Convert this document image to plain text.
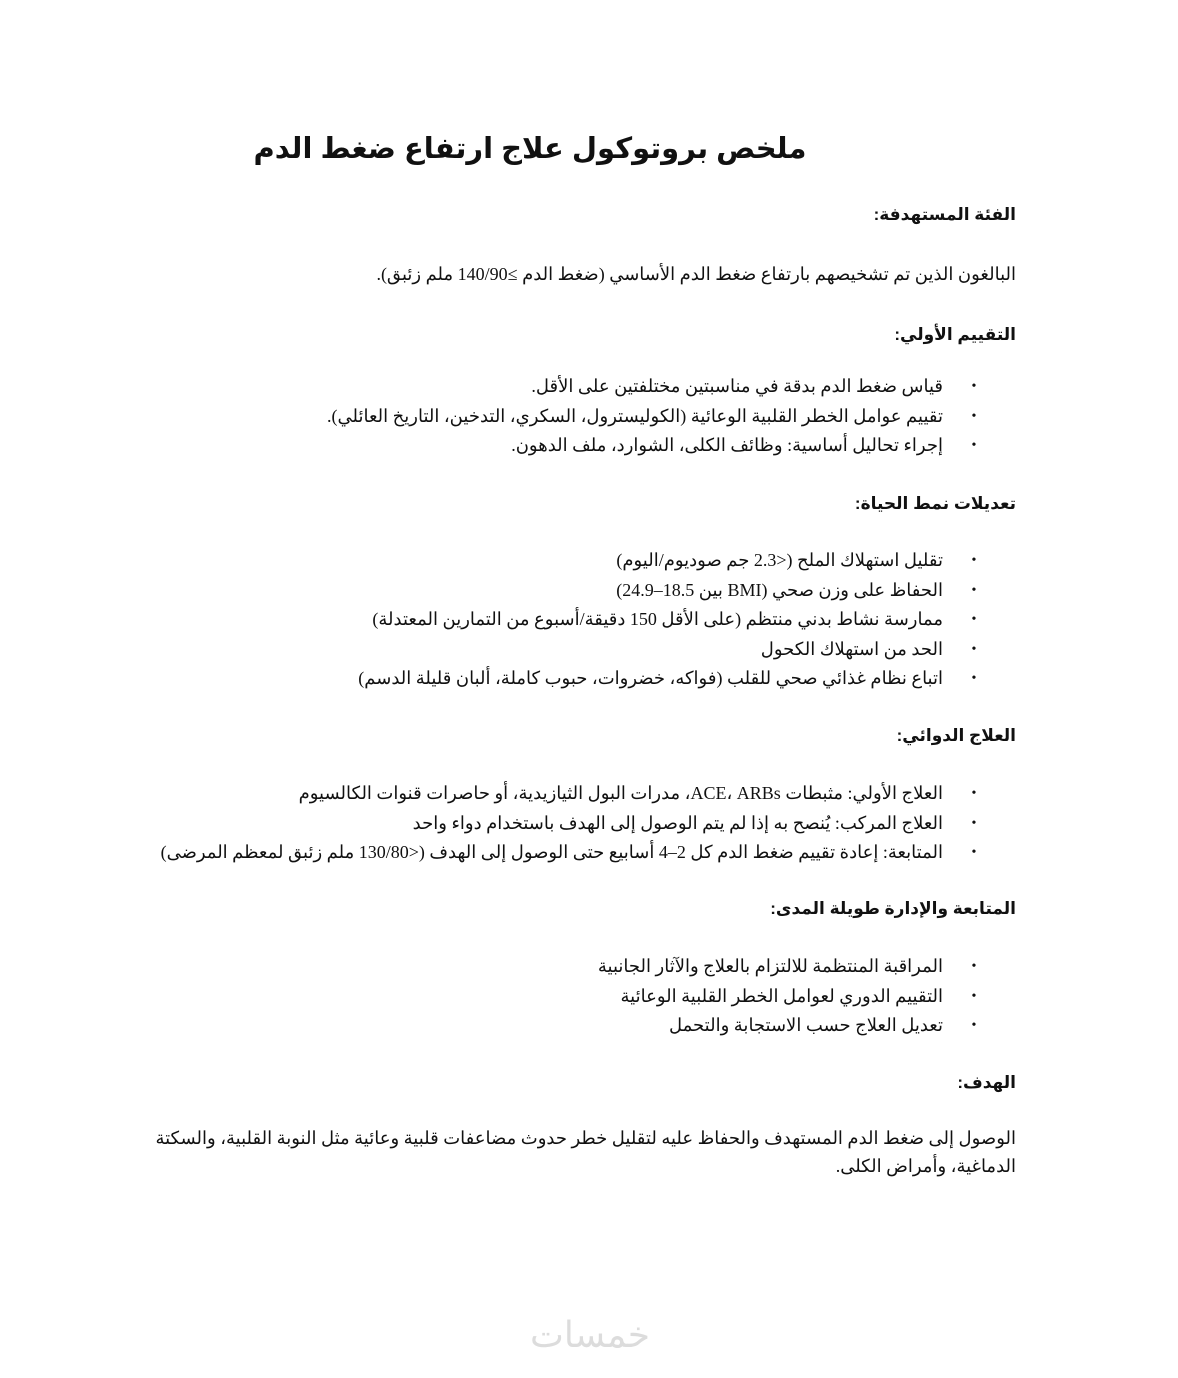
ملخص بروتوكول علاج ارتفاع ضغط الدم
الفئة المستهدفة:

البالغون الذين تم تشخيصهم بارتفاع ضغط الدم الأساسي (ضغط الدم ≥140/90 ملم زئبق).

التقييم الأولي:
•
قياس ضغط الدم بدقة في مناسبتين مختلفتين على الأقل.
•
تقييم عوامل الخطر القلبية الوعائية (الكوليسترول، السكري، التدخين، التاريخ العائلي).
•
إجراء تحاليل أساسية: وظائف الكلى، الشوارد، ملف الدهون.
تعديلات نمط الحياة:
•
تقليل استهلاك الملح (<2.3 جم صوديوم/اليوم)
•
الحفاظ على وزن صحي (BMI بين 18.5–24.9)
•
ممارسة نشاط بدني منتظم (على الأقل 150 دقيقة/أسبوع من التمارين المعتدلة)
•
الحد من استهلاك الكحول
•
اتباع نظام غذائي صحي للقلب (فواكه، خضروات، حبوب كاملة، ألبان قليلة الدسم)
العلاج الدوائي:
•
العلاج الأولي: مثبطات ACE، ARBs، مدرات البول الثيازيدية، أو حاصرات قنوات الكالسيوم
•
العلاج المركب: يُنصح به إذا لم يتم الوصول إلى الهدف باستخدام دواء واحد
•
المتابعة: إعادة تقييم ضغط الدم كل 2–4 أسابيع حتى الوصول إلى الهدف (<130/80 ملم زئبق لمعظم المرضى)
المتابعة والإدارة طويلة المدى:
•
المراقبة المنتظمة للالتزام بالعلاج والآثار الجانبية
•
التقييم الدوري لعوامل الخطر القلبية الوعائية
•
تعديل العلاج حسب الاستجابة والتحمل
الهدف:

الوصول إلى ضغط الدم المستهدف والحفاظ عليه لتقليل خطر حدوث مضاعفات قلبية وعائية مثل النوبة القلبية، والسكتة الدماغية، وأمراض الكلى.

خمسات
